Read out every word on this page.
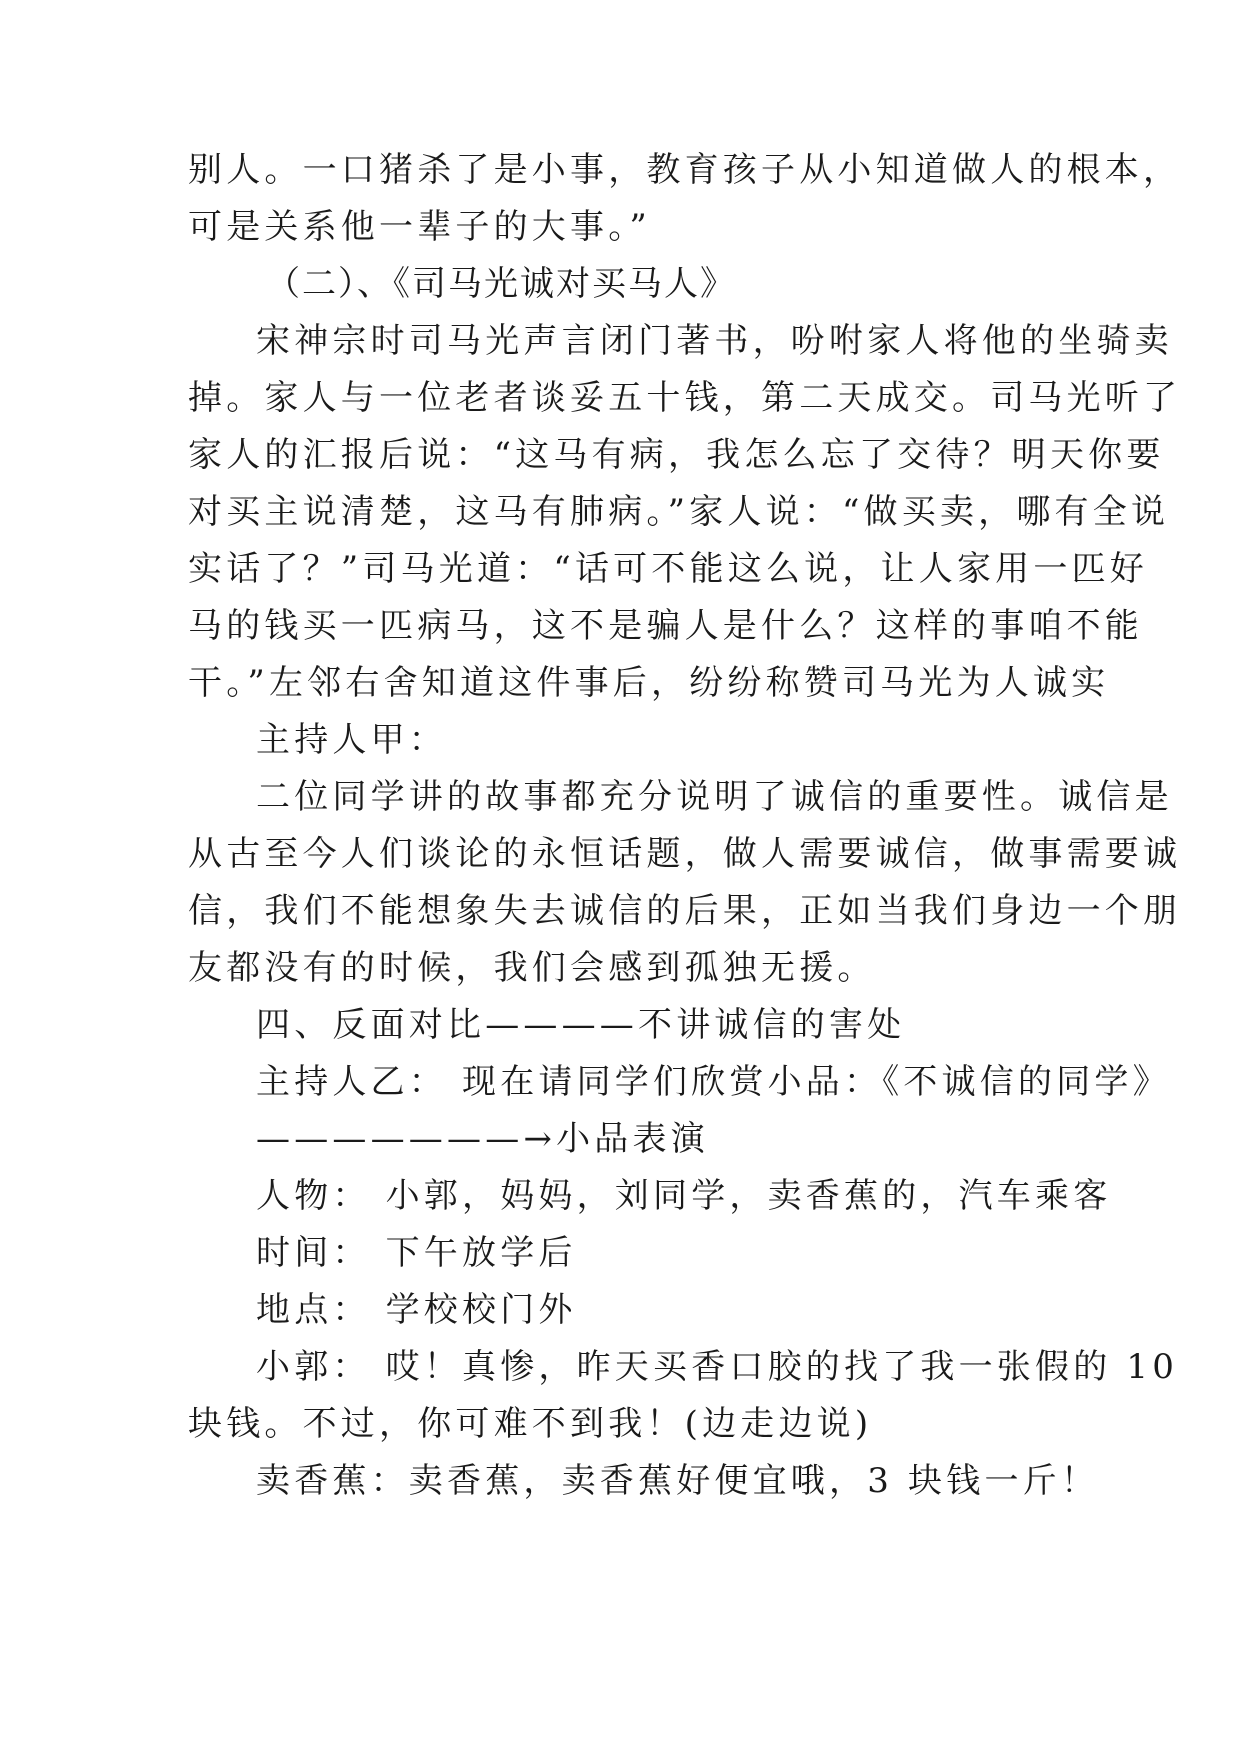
别人。一口猪杀了是小事，教育孩子从小知道做人的根本，
可是关系他一辈子的大事。”
（二）、《司马光诚对买马人》
宋神宗时司马光声言闭门著书，吩咐家人将他的坐骑卖
掉。家人与一位老者谈妥五十钱，第二天成交。司马光听了
家人的汇报后说：“这马有病，我怎么忘了交待？明天你要
对买主说清楚，这马有肺病。”家人说：“做买卖，哪有全说
实话了？”司马光道：“话可不能这么说，让人家用一匹好
马的钱买一匹病马，这不是骗人是什么？这样的事咱不能
干。”左邻右舍知道这件事后，纷纷称赞司马光为人诚实
主持人甲：
二位同学讲的故事都充分说明了诚信的重要性。诚信是
从古至今人们谈论的永恒话题，做人需要诚信，做事需要诚
信，我们不能想象失去诚信的后果，正如当我们身边一个朋
友都没有的时候，我们会感到孤独无援。
四、反面对比————不讲诚信的害处
主持人乙： 现在请同学们欣赏小品：《不诚信的同学》
———————→小品表演
人物： 小郭，妈妈，刘同学，卖香蕉的，汽车乘客
时间： 下午放学后
地点： 学校校门外
小郭： 哎！真惨，昨天买香口胶的找了我一张假的 10
块钱。不过，你可难不到我！(边走边说)
卖香蕉：卖香蕉，卖香蕉好便宜哦，3 块钱一斤！
